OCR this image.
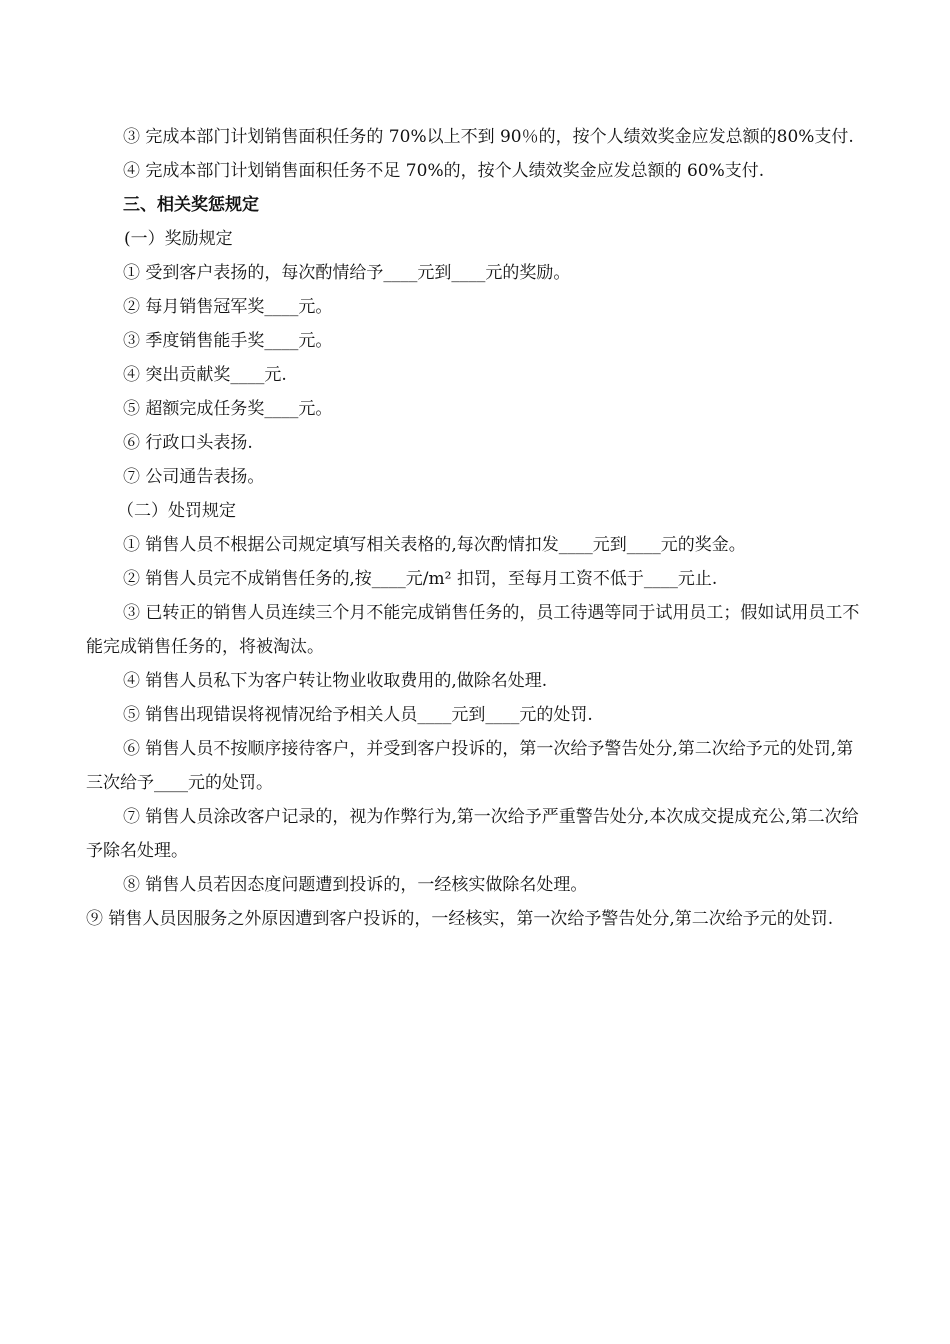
③ 完成本部门计划销售面积任务的 70%以上不到 90％的，按个人绩效奖金应发总额的80%支付.

④ 完成本部门计划销售面积任务不足 70%的，按个人绩效奖金应发总额的 60%支付.

三、相关奖惩规定

(一）奖励规定

① 受到客户表扬的，每次酌情给予____元到____元的奖励。

② 每月销售冠军奖____元。

③ 季度销售能手奖____元。

④ 突出贡献奖____元.

⑤ 超额完成任务奖____元。

⑥ 行政口头表扬.

⑦ 公司通告表扬。

（二）处罚规定

① 销售人员不根据公司规定填写相关表格的,每次酌情扣发____元到____元的奖金。

② 销售人员完不成销售任务的,按____元/m² 扣罚，至每月工资不低于____元止.

③ 已转正的销售人员连续三个月不能完成销售任务的，员工待遇等同于试用员工；假如试用员工不能完成销售任务的，将被淘汰。

④ 销售人员私下为客户转让物业收取费用的,做除名处理.

⑤ 销售出现错误将视情况给予相关人员____元到____元的处罚.

⑥ 销售人员不按顺序接待客户，并受到客户投诉的，第一次给予警告处分,第二次给予元的处罚,第三次给予____元的处罚。

⑦ 销售人员涂改客户记录的，视为作弊行为,第一次给予严重警告处分,本次成交提成充公,第二次给予除名处理。

⑧ 销售人员若因态度问题遭到投诉的，一经核实做除名处理。

⑨ 销售人员因服务之外原因遭到客户投诉的，一经核实，第一次给予警告处分,第二次给予元的处罚.
